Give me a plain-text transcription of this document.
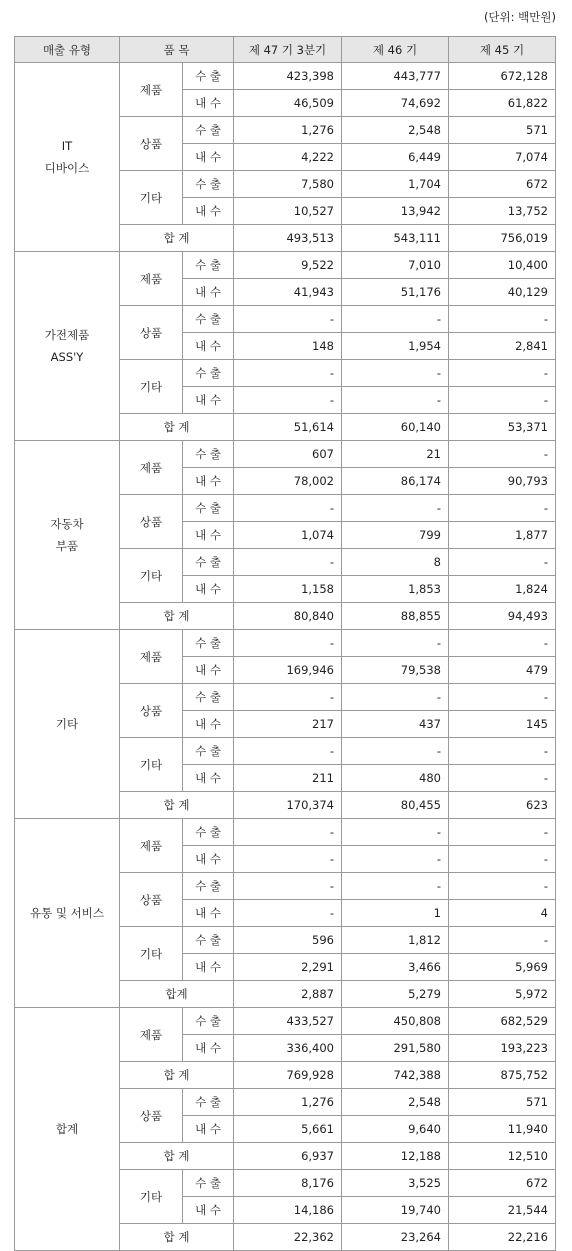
(단위: 백만원)
매출 유형	품 목		제 47 기 3분기	제 46 기	제 45 기

IT
디바이스	제품	수 출	423,398	443,777	672,128
		내 수	46,509	74,692	61,822
	상품	수 출	1,276	2,548	571
		내 수	4,222	6,449	7,074
	기타	수 출	7,580	1,704	672
		내 수	10,527	13,942	13,752
	합 계		493,513	543,111	756,019

가전제품
ASS'Y	제품	수 출	9,522	7,010	10,400
		내 수	41,943	51,176	40,129
	상품	수 출	-	-	-
		내 수	148	1,954	2,841
	기타	수 출	-	-	-
		내 수	-	-	-
	합 계		51,614	60,140	53,371

자동차
부품	제품	수 출	607	21	-
		내 수	78,002	86,174	90,793
	상품	수 출	-	-	-
		내 수	1,074	799	1,877
	기타	수 출	-	8	-
		내 수	1,158	1,853	1,824
	합 계		80,840	88,855	94,493

기타	제품	수 출	-	-	-
		내 수	169,946	79,538	479
	상품	수 출	-	-	-
		내 수	217	437	145
	기타	수 출	-	-	-
		내 수	211	480	-
	합 계		170,374	80,455	623

유통 및 서비스	제품	수 출	-	-	-
		내 수	-	-	-
	상품	수 출	-	-	-
		내 수	-	1	4
	기타	수 출	596	1,812	-
		내 수	2,291	3,466	5,969
	합계		2,887	5,279	5,972

합계	제품	수 출	433,527	450,808	682,529
		내 수	336,400	291,580	193,223
	합 계		769,928	742,388	875,752
	상품	수 출	1,276	2,548	571
		내 수	5,661	9,640	11,940
	합 계		6,937	12,188	12,510
	기타	수 출	8,176	3,525	672
		내 수	14,186	19,740	21,544
	합 계		22,362	23,264	22,216
